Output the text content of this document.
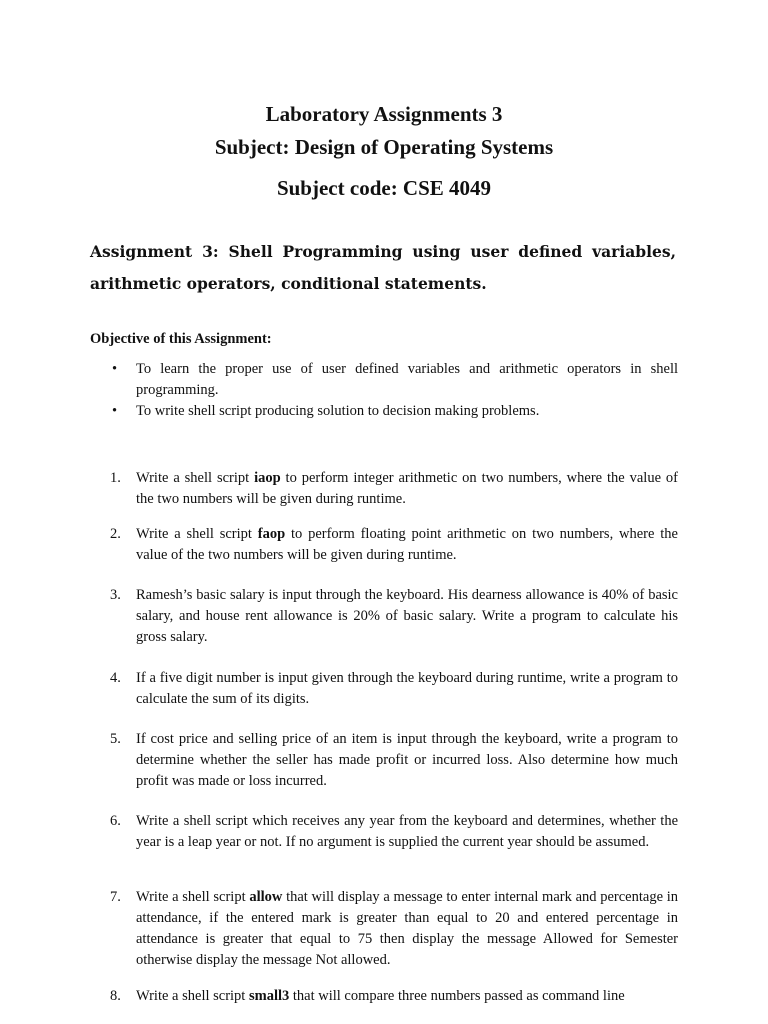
Laboratory Assignments 3
Subject: Design of Operating Systems
Subject code: CSE 4049

Assignment 3: Shell Programming using user defined variables, arithmetic operators, conditional statements.

Objective of this Assignment:

• To learn the proper use of user defined variables and arithmetic operators in shell programming.
• To write shell script producing solution to decision making problems.
1.	Write a shell script iaop to perform integer arithmetic on two numbers, where the value of the two numbers will be given during runtime.
2.	Write a shell script faop to perform floating point arithmetic on two numbers, where the value of the two numbers will be given during runtime.
3.	Ramesh’s basic salary is input through the keyboard. His dearness allowance is 40% of basic salary, and house rent allowance is 20% of basic salary. Write a program to calculate his gross salary.
4.	If a five digit number is input given through the keyboard during runtime, write a program to calculate the sum of its digits.
5.	If cost price and selling price of an item is input through the keyboard, write a program to determine whether the seller has made profit or incurred loss. Also determine how much profit was made or loss incurred.
6.	Write a shell script which receives any year from the keyboard and determines, whether the year is a leap year or not. If no argument is supplied the current year should be assumed.
7.	Write a shell script allow that will display a message to enter internal mark and percentage in attendance, if the entered mark is greater than equal to 20 and entered percentage in attendance is greater that equal to 75 then display the message Allowed for Semester otherwise display the message Not allowed.
8.	Write a shell script small3 that will compare three numbers passed as command line
